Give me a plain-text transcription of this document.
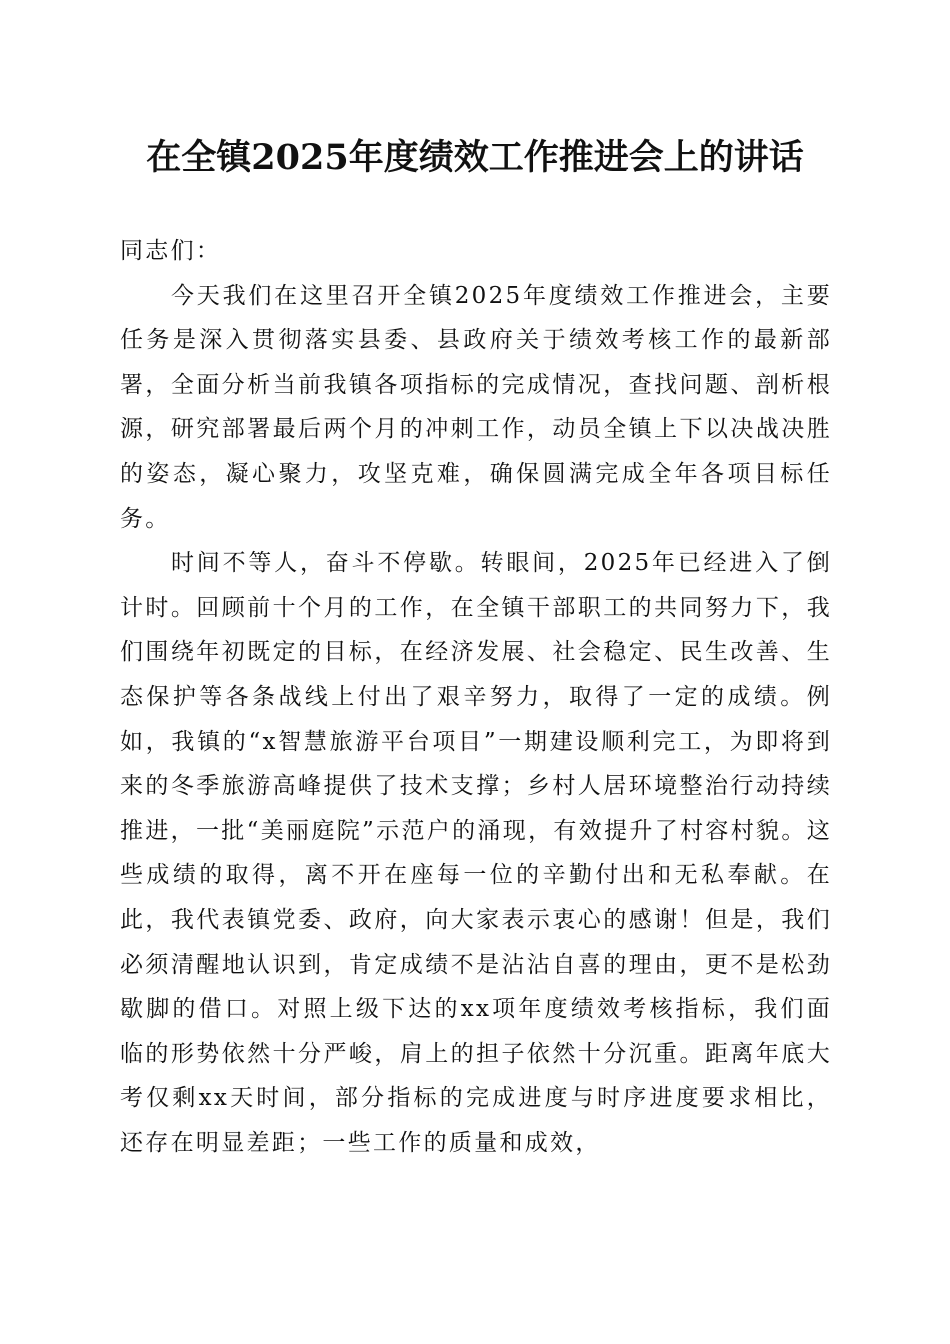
在全镇2025年度绩效工作推进会上的讲话

同志们：

今天我们在这里召开全镇2025年度绩效工作推进会，主要任务是深入贯彻落实县委、县政府关于绩效考核工作的最新部署，全面分析当前我镇各项指标的完成情况，查找问题、剖析根源，研究部署最后两个月的冲刺工作，动员全镇上下以决战决胜的姿态，凝心聚力，攻坚克难，确保圆满完成全年各项目标任务。

时间不等人，奋斗不停歇。转眼间，2025年已经进入了倒计时。回顾前十个月的工作，在全镇干部职工的共同努力下，我们围绕年初既定的目标，在经济发展、社会稳定、民生改善、生态保护等各条战线上付出了艰辛努力，取得了一定的成绩。例如，我镇的“x智慧旅游平台项目”一期建设顺利完工，为即将到来的冬季旅游高峰提供了技术支撑；乡村人居环境整治行动持续推进，一批“美丽庭院”示范户的涌现，有效提升了村容村貌。这些成绩的取得，离不开在座每一位的辛勤付出和无私奉献。在此，我代表镇党委、政府，向大家表示衷心的感谢！但是，我们必须清醒地认识到，肯定成绩不是沾沾自喜的理由，更不是松劲歇脚的借口。对照上级下达的xx项年度绩效考核指标，我们面临的形势依然十分严峻，肩上的担子依然十分沉重。距离年底大考仅剩xx天时间，部分指标的完成进度与时序进度要求相比，还存在明显差距；一些工作的质量和成效，
